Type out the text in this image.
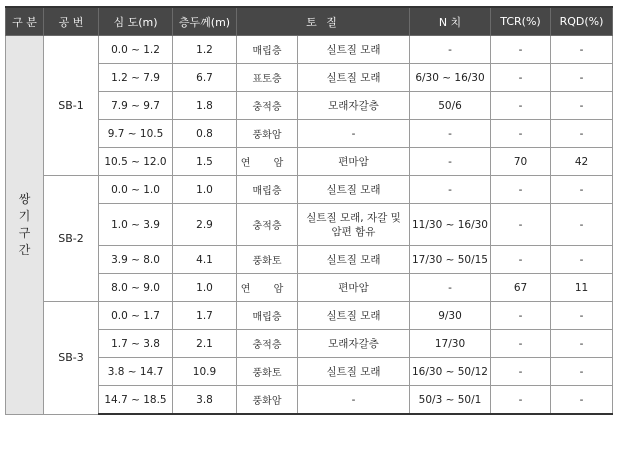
구 분	공 번	심 도(m)	층두께(m)	토 질		N 치	TCR(%)	RQD(%)

쌍
기
구
간	SB-1	0.0 ~ 1.2	1.2	매립층	실트질 모래	-	-	-
		1.2 ~ 7.9	6.7	표토층	실트질 모래	6/30 ~ 16/30	-	-
		7.9 ~ 9.7	1.8	충적층	모래자갈층	50/6	-	-
		9.7 ~ 10.5	0.8	풍화암	-	-	-	-
		10.5 ~ 12.0	1.5	연 암	편마암	-	70	42
	SB-2	0.0 ~ 1.0	1.0	매립층	실트질 모래	-	-	-
		1.0 ~ 3.9	2.9	충적층	실트질 모래, 자갈 및 암편 함유	11/30 ~ 16/30	-	-
		3.9 ~ 8.0	4.1	풍화토	실트질 모래	17/30 ~ 50/15	-	-
		8.0 ~ 9.0	1.0	연 암	편마암	-	67	11
	SB-3	0.0 ~ 1.7	1.7	매립층	실트질 모래	9/30	-	-
		1.7 ~ 3.8	2.1	충적층	모래자갈층	17/30	-	-
		3.8 ~ 14.7	10.9	풍화토	실트질 모래	16/30 ~ 50/12	-	-
		14.7 ~ 18.5	3.8	풍화암	-	50/3 ~ 50/1	-	-
